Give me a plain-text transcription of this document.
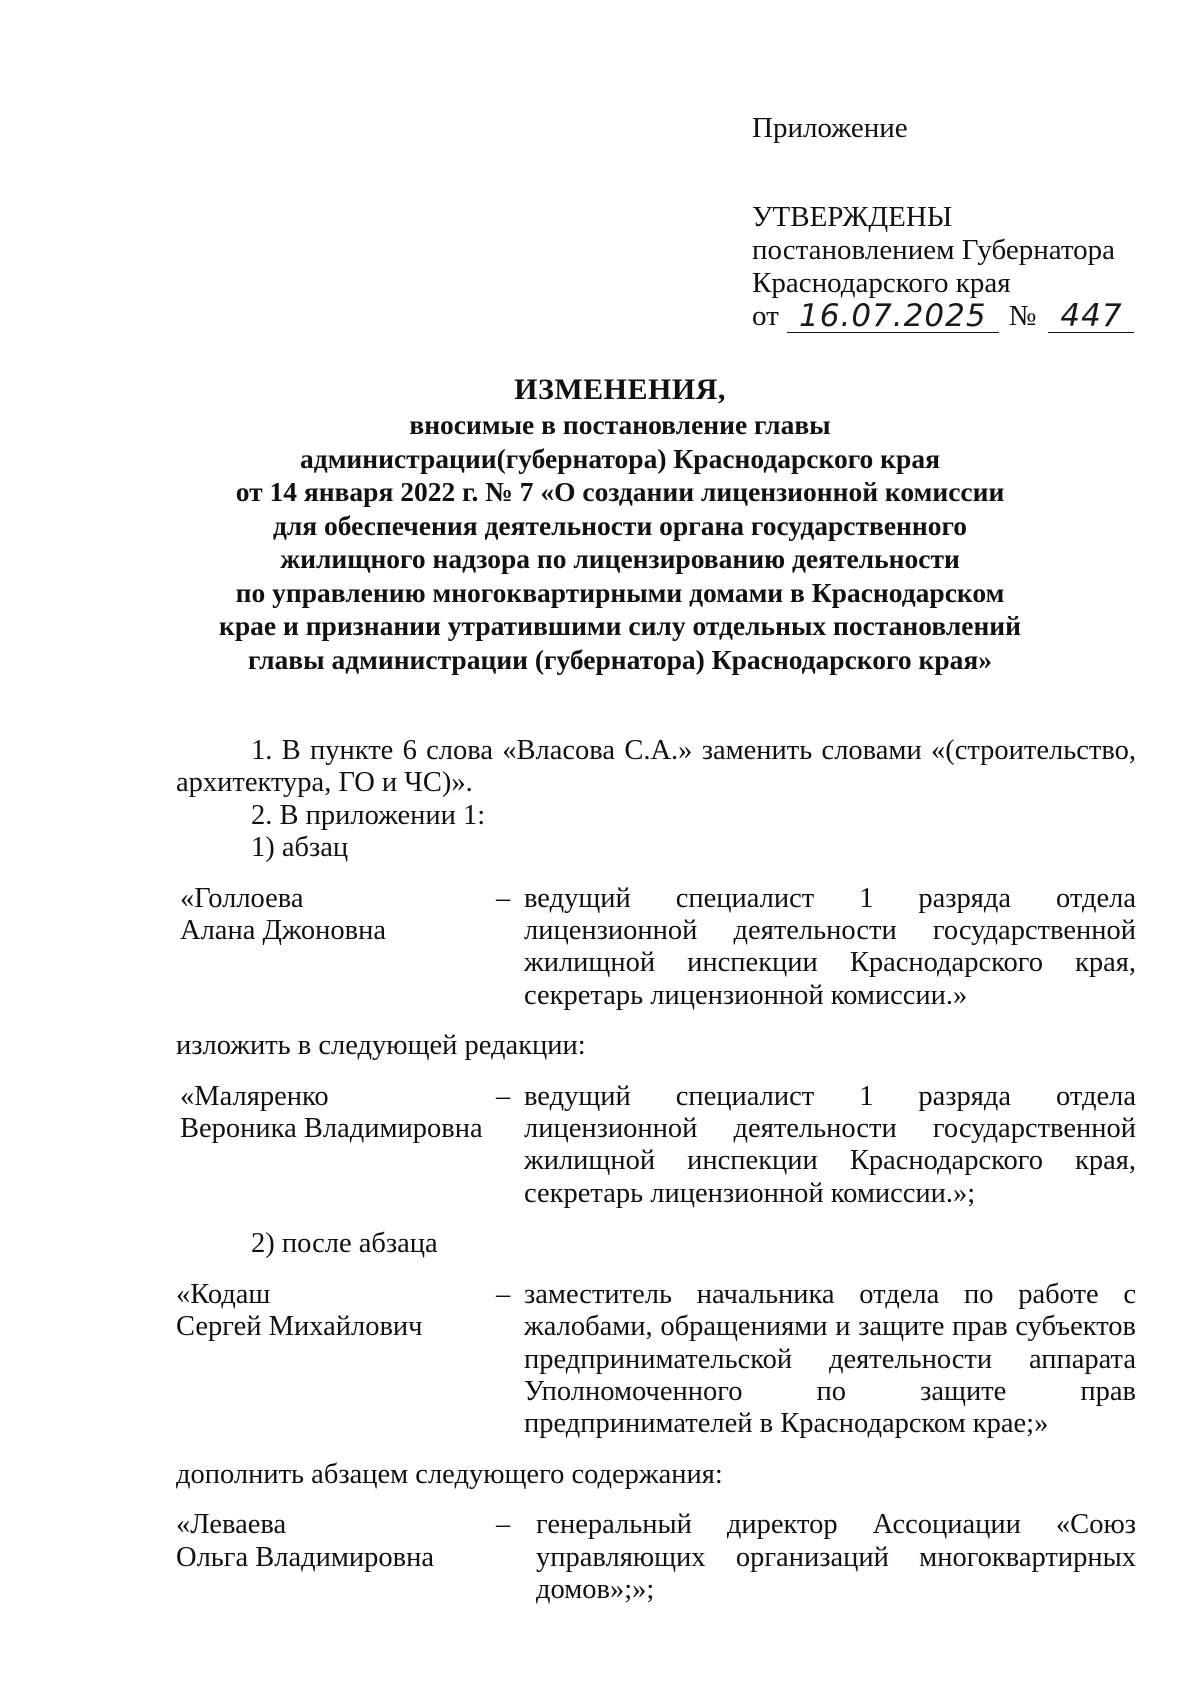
Приложение
УТВЕРЖДЕНЫ
постановлением Губернатора
Краснодарского края
от 16.07.2025 № 447
ИЗМЕНЕНИЯ,
вносимые в постановление главы
администрации(губернатора) Краснодарского края
от 14 января 2022 г. № 7 «О создании лицензионной комиссии
для обеспечения деятельности органа государственного
жилищного надзора по лицензированию деятельности
по управлению многоквартирными домами в Краснодарском
крае и признании утратившими силу отдельных постановлений
главы администрации (губернатора) Краснодарского края»

1. В пункте 6 слова «Власова С.А.» заменить словами «(строительство, архитектура, ГО и ЧС)».

2. В приложении 1:

1) абзац

«Голлоева
Алана Джоновна
– ведущий специалист 1 разряда отдела лицензионной деятельности государственной жилищной инспекции Краснодарского края, секретарь лицензионной комиссии.»

изложить в следующей редакции:

«Маляренко
Вероника Владимировна
– ведущий специалист 1 разряда отдела лицензионной деятельности государственной жилищной инспекции Краснодарского края, секретарь лицензионной комиссии.»;

2) после абзаца

«Кодаш
Сергей Михайлович
– заместитель начальника отдела по работе с жалобами, обращениями и защите прав субъектов предпринимательской деятельности аппарата Уполномоченного по защите прав предпринимателей в Краснодарском крае;»

дополнить абзацем следующего содержания:

«Леваева
Ольга Владимировна
– генеральный директор Ассоциации «Союз управляющих организаций многоквартирных домов»;»;
